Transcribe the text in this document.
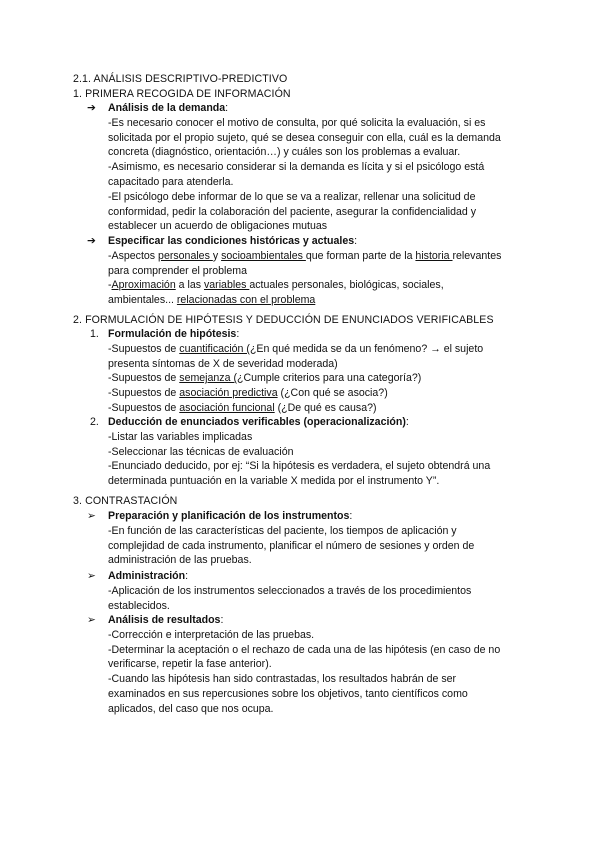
2.1. ANÁLISIS DESCRIPTIVO-PREDICTIVO
1. PRIMERA RECOGIDA DE INFORMACIÓN

➔ Análisis de la demanda:

-Es necesario conocer el motivo de consulta, por qué solicita la evaluación, si es

solicitada por el propio sujeto, qué se desea conseguir con ella, cuál es la demanda

concreta (diagnóstico, orientación…) y cuáles son los problemas a evaluar.

-Asimismo, es necesario considerar si la demanda es lícita y si el psicólogo está

capacitado para atenderla.

-El psicólogo debe informar de lo que se va a realizar, rellenar una solicitud de

conformidad, pedir la colaboración del paciente, asegurar la confidencialidad y

establecer un acuerdo de obligaciones mutuas

➔ Especificar las condiciones históricas y actuales:

-Aspectos personales y socioambientales que forman parte de la historia relevantes

para comprender el problema

-Aproximación a las variables actuales personales, biológicas, sociales,

ambientales... relacionadas con el problema

2. FORMULACIÓN DE HIPÓTESIS Y DEDUCCIÓN DE ENUNCIADOS VERIFICABLES

1. Formulación de hipótesis:

-Supuestos de cuantificación (¿En qué medida se da un fenómeno? → el sujeto

presenta síntomas de X de severidad moderada)

-Supuestos de semejanza (¿Cumple criterios para una categoría?)

-Supuestos de asociación predictiva (¿Con qué se asocia?)

-Supuestos de asociación funcional (¿De qué es causa?)

2. Deducción de enunciados verificables (operacionalización):

-Listar las variables implicadas

-Seleccionar las técnicas de evaluación

-Enunciado deducido, por ej: “Si la hipótesis es verdadera, el sujeto obtendrá una

determinada puntuación en la variable X medida por el instrumento Y”.

3. CONTRASTACIÓN

➢ Preparación y planificación de los instrumentos:

-En función de las características del paciente, los tiempos de aplicación y

complejidad de cada instrumento, planificar el número de sesiones y orden de

administración de las pruebas.

➢ Administración:

-Aplicación de los instrumentos seleccionados a través de los procedimientos

establecidos.

➢ Análisis de resultados:

-Corrección e interpretación de las pruebas.

-Determinar la aceptación o el rechazo de cada una de las hipótesis (en caso de no

verificarse, repetir la fase anterior).

-Cuando las hipótesis han sido contrastadas, los resultados habrán de ser

examinados en sus repercusiones sobre los objetivos, tanto científicos como

aplicados, del caso que nos ocupa.
